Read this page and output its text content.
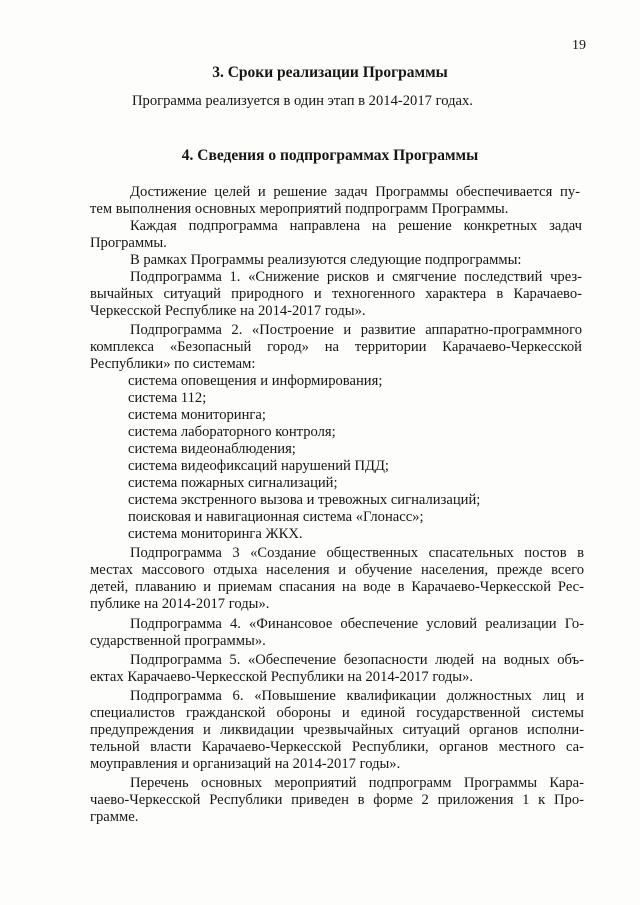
19
3. Сроки реализации Программы
Программа реализуется в один этап в 2014-2017 годах.
4. Сведения о подпрограммах Программы
Достижение целей и решение задач Программы обеспечивается пу-
тем выполнения основных мероприятий подпрограмм Программы.
Каждая подпрограмма направлена на решение конкретных задач
Программы.
В рамках Программы реализуются следующие подпрограммы:
Подпрограмма 1. «Снижение рисков и смягчение последствий чрез-
вычайных ситуаций природного и техногенного характера в Карачаево-
Черкесской Республике на 2014-2017 годы».
Подпрограмма 2. «Построение и развитие аппаратно-программного
комплекса «Безопасный город» на территории Карачаево-Черкесской
Республики» по системам:
система оповещения и информирования;
система 112;
система мониторинга;
система лабораторного контроля;
система видеонаблюдения;
система видеофиксаций нарушений ПДД;
система пожарных сигнализаций;
система экстренного вызова и тревожных сигнализаций;
поисковая и навигационная система «Глонасс»;
система мониторинга ЖКХ.
Подпрограмма 3 «Создание общественных спасательных постов в
местах массового отдыха населения и обучение населения, прежде всего
детей, плаванию и приемам спасания на воде в Карачаево-Черкесской Рес-
публике на 2014-2017 годы».
Подпрограмма 4. «Финансовое обеспечение условий реализации Го-
сударственной программы».
Подпрограмма 5. «Обеспечение безопасности людей на водных объ-
ектах Карачаево-Черкесской Республики на 2014-2017 годы».
Подпрограмма 6. «Повышение квалификации должностных лиц и
специалистов гражданской обороны и единой государственной системы
предупреждения и ликвидации чрезвычайных ситуаций органов исполни-
тельной власти Карачаево-Черкесской Республики, органов местного са-
моуправления и организаций на 2014-2017 годы».
Перечень основных мероприятий подпрограмм Программы Кара-
чаево-Черкесской Республики приведен в форме 2 приложения 1 к Про-
грамме.
